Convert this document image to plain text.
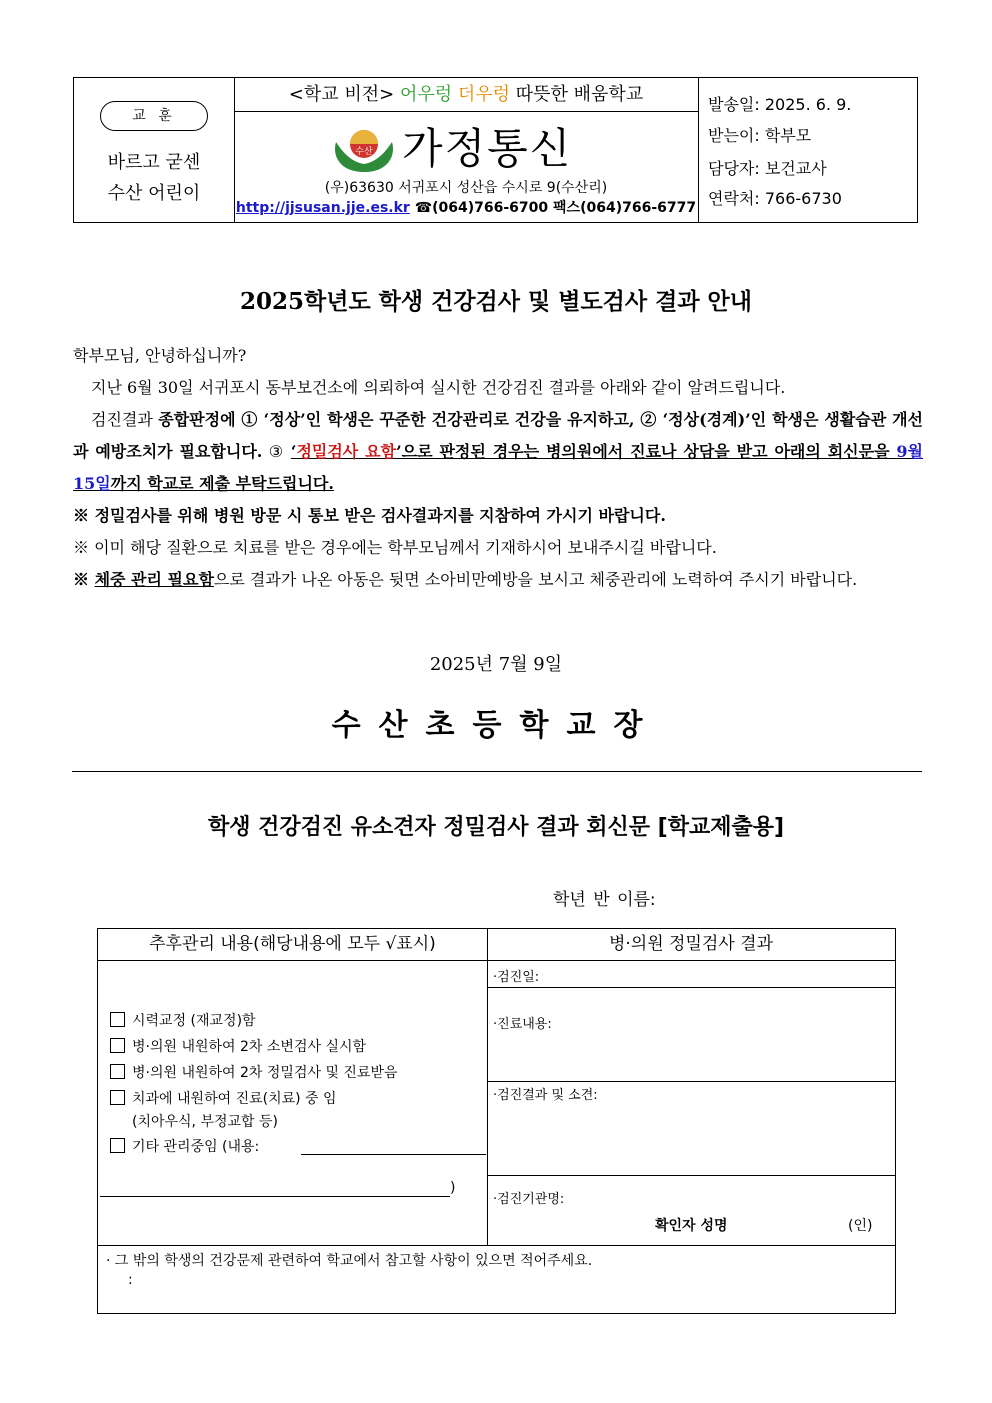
교 훈
바르고 굳센
수산 어린이
<학교 비전> 어우렁 더우렁 따뜻한 배움학교
수산 가정통신
(우)63630 서귀포시 성산읍 수시로 9(수산리)
http://jjsusan.jje.es.kr ☎(064)766-6700 팩스(064)766-6777
발송일: 2025. 6. 9.
받는이: 학부모
담당자: 보건교사
연락처: 766-6730
2025학년도 학생 건강검사 및 별도검사 결과 안내

학부모님, 안녕하십니까?

지난 6월 30일 서귀포시 동부보건소에 의뢰하여 실시한 건강검진 결과를 아래와 같이 알려드립니다.

검진결과 종합판정에 ① ‘정상’인 학생은 꾸준한 건강관리로 건강을 유지하고, ② ‘정상(경계)’인 학생은 생활습관 개선과 예방조치가 필요합니다. ③ ‘정밀검사 요함’으로 판정된 경우는 병의원에서 진료나 상담을 받고 아래의 회신문을 9월15일까지 학교로 제출 부탁드립니다.

※ 정밀검사를 위해 병원 방문 시 통보 받은 검사결과지를 지참하여 가시기 바랍니다.

※ 이미 해당 질환으로 치료를 받은 경우에는 학부모님께서 기재하시어 보내주시길 바랍니다.

※ 체중 관리 필요함으로 결과가 나온 아동은 뒷면 소아비만예방을 보시고 체중관리에 노력하여 주시기 바랍니다.

2025년 7월 9일
수산초등학교장
학생 건강검진 유소견자 정밀검사 결과 회신문 [학교제출용]
학년 반 이름:
추후관리 내용(해당내용에 모두 √표시)	병·의원 정밀검사 결과
시력교정 (재교정)함
병·의원 내원하여 2차 소변검사 실시함
병·의원 내원하여 2차 정밀검사 및 진료받음
치과에 내원하여 진료(치료) 중 임
(치아우식, 부정교합 등)
기타 관리중임 (내용:
)
·검진일:
·진료내용:
·검진결과 및 소견:
·검진기관명:
확인자 성명	(인)
· 그 밖의 학생의 건강문제 관련하여 학교에서 참고할 사항이 있으면 적어주세요.
:
